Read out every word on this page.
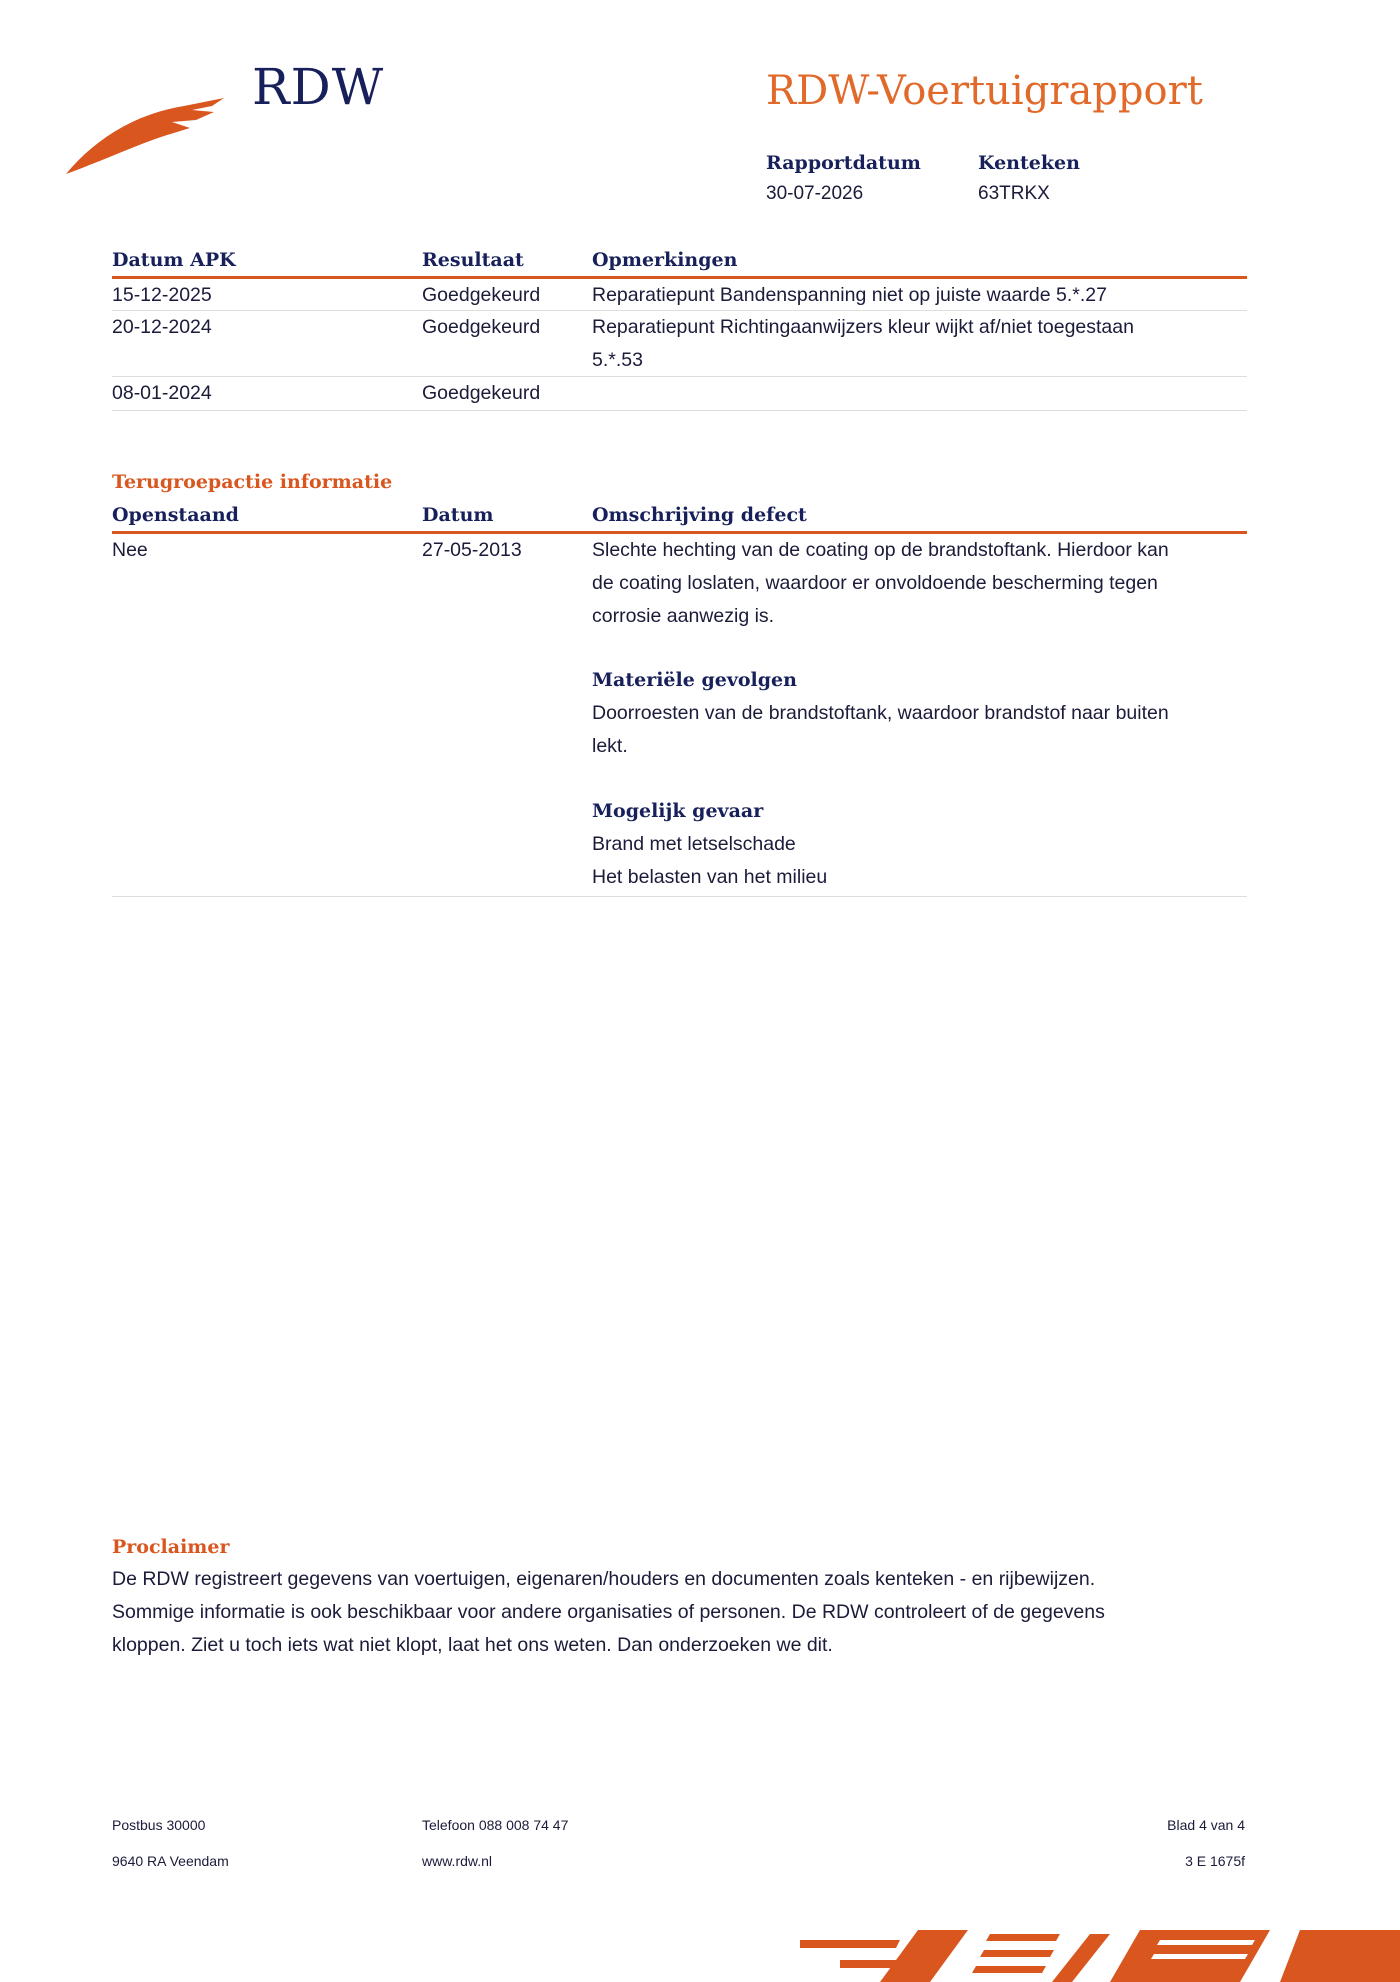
RDW	RDW-Voertuigrapport
Rapportdatum
30-07-2026
Kenteken
63TRKX
Datum APK	Resultaat	Opmerkingen
15-12-2025	Goedgekeurd	Reparatiepunt Bandenspanning niet op juiste waarde 5.*.27
20-12-2024	Goedgekeurd	Reparatiepunt Richtingaanwijzers kleur wijkt af/niet toegestaan
5.*.53
08-01-2024	Goedgekeurd
Terugroepactie informatie
Openstaand	Datum	Omschrijving defect
Nee	27-05-2013	Slechte hechting van de coating op de brandstoftank. Hierdoor kan
de coating loslaten, waardoor er onvoldoende bescherming tegen
corrosie aanwezig is.
Materiële gevolgen
Doorroesten van de brandstoftank, waardoor brandstof naar buiten
lekt.
Mogelijk gevaar
Brand met letselschade
Het belasten van het milieu
Proclaimer
De RDW registreert gegevens van voertuigen, eigenaren/houders en documenten zoals kenteken - en rijbewijzen.
Sommige informatie is ook beschikbaar voor andere organisaties of personen. De RDW controleert of de gegevens
kloppen. Ziet u toch iets wat niet klopt, laat het ons weten. Dan onderzoeken we dit.
Postbus 30000
9640 RA Veendam
Telefoon 088 008 74 47
www.rdw.nl
Blad 4 van 4
3 E 1675f
